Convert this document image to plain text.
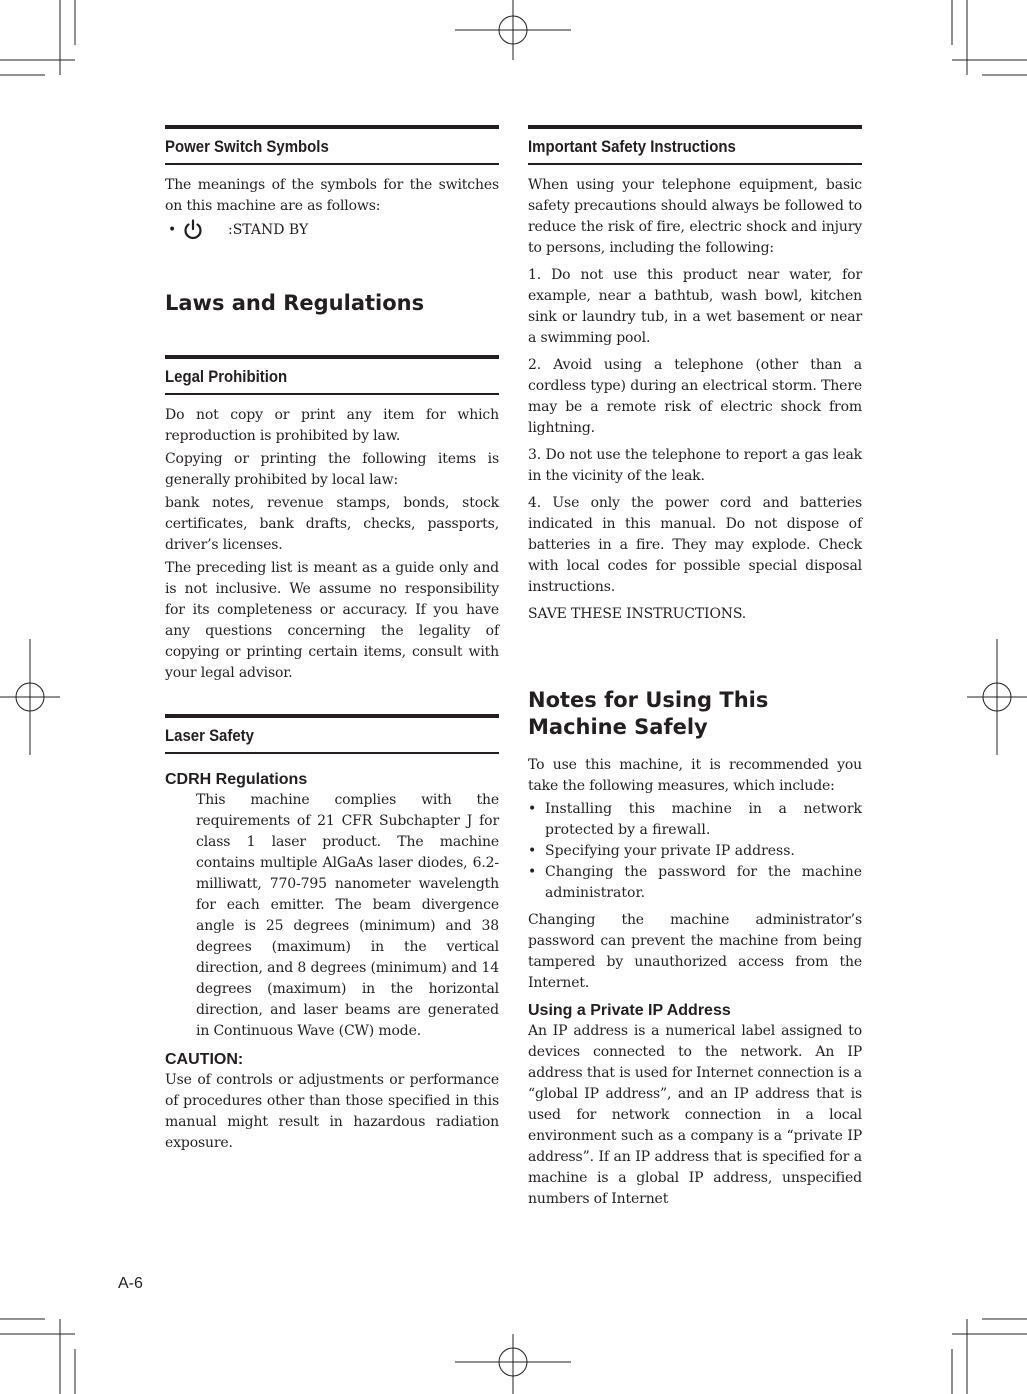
Power Switch Symbols

The meanings of the symbols for the switches on this machine are as follows:

•	:STAND BY
Laws and Regulations
Legal Prohibition

Do not copy or print any item for which reproduction is prohibited by law.

Copying or printing the following items is generally prohibited by local law:

bank notes, revenue stamps, bonds, stock certificates, bank drafts, checks, passports, driver’s licenses.

The preceding list is meant as a guide only and is not inclusive. We assume no responsibility for its completeness or accuracy. If you have any questions concerning the legality of copying or printing certain items, consult with your legal advisor.

Laser Safety
CDRH Regulations

This machine complies with the requirements of 21 CFR Subchapter J for class 1 laser product. The machine contains multiple AlGaAs laser diodes, 6.2-milliwatt, 770-795 nanometer wavelength for each emitter. The beam divergence angle is 25 degrees (minimum) and 38 degrees (maximum) in the vertical direction, and 8 degrees (minimum) and 14 degrees (maximum) in the horizontal direction, and laser beams are generated in Continuous Wave (CW) mode.

CAUTION:

Use of controls or adjustments or performance of procedures other than those specified in this manual might result in hazardous radiation exposure.

Important Safety Instructions

When using your telephone equipment, basic safety precautions should always be followed to reduce the risk of fire, electric shock and injury to persons, including the following:

1. Do not use this product near water, for example, near a bathtub, wash bowl, kitchen sink or laundry tub, in a wet basement or near a swimming pool.

2. Avoid using a telephone (other than a cordless type) during an electrical storm. There may be a remote risk of electric shock from lightning.

3. Do not use the telephone to report a gas leak in the vicinity of the leak.

4. Use only the power cord and batteries indicated in this manual. Do not dispose of batteries in a fire. They may explode. Check with local codes for possible special disposal instructions.

SAVE THESE INSTRUCTIONS.

Notes for Using This Machine Safely

To use this machine, it is recommended you take the following measures, which include:

• Installing this machine in a network protected by a firewall.
• Specifying your private IP address.
• Changing the password for the machine administrator.

Changing the machine administrator’s password can prevent the machine from being tampered by unauthorized access from the Internet.

Using a Private IP Address

An IP address is a numerical label assigned to devices connected to the network. An IP address that is used for Internet connection is a “global IP address”, and an IP address that is used for network connection in a local environment such as a company is a “private IP address”. If an IP address that is specified for a machine is a global IP address, unspecified numbers of Internet

A-6
